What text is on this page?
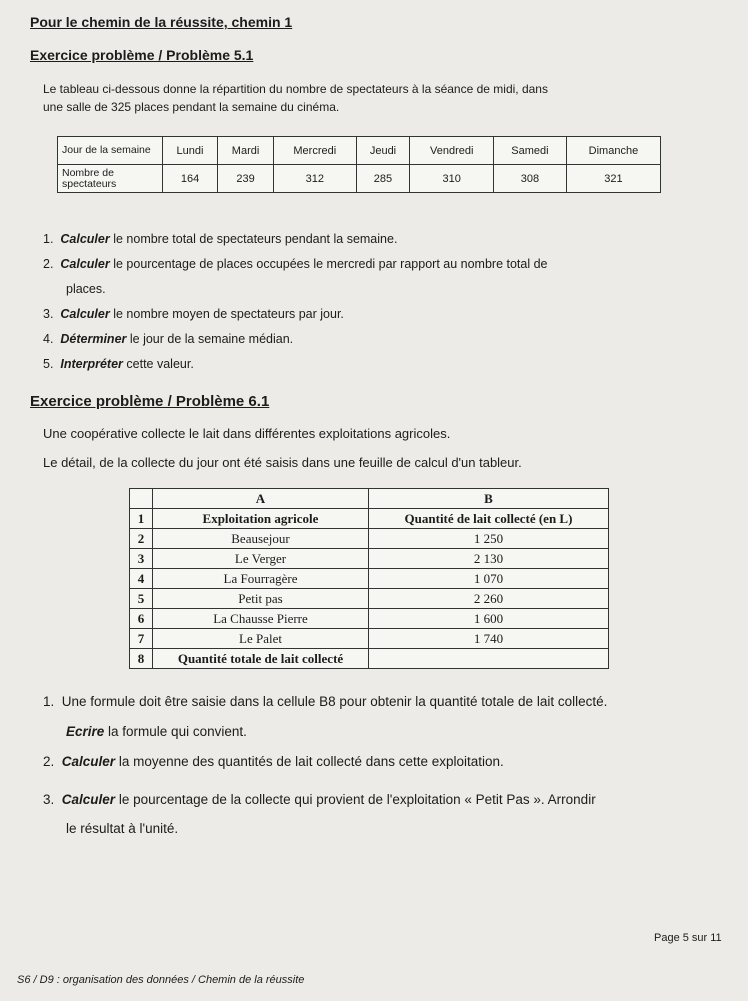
Pour le chemin de la réussite, chemin 1
Exercice problème / Problème 5.1
Le tableau ci-dessous donne la répartition du nombre de spectateurs à la séance de midi, dans
une salle de 325 places pendant la semaine du cinéma.
Jour de la semaine	Lundi	Mardi	Mercredi	Jeudi	Vendredi	Samedi	Dimanche
Nombre de spectateurs	164	239	312	285	310	308	321
1. Calculer le nombre total de spectateurs pendant la semaine.
2. Calculer le pourcentage de places occupées le mercredi par rapport au nombre total de
places.
3. Calculer le nombre moyen de spectateurs par jour.
4. Déterminer le jour de la semaine médian.
5. Interpréter cette valeur.
Exercice problème / Problème 6.1
Une coopérative collecte le lait dans différentes exploitations agricoles.
Le détail, de la collecte du jour ont été saisis dans une feuille de calcul d'un tableur.
	A	B
1	Exploitation agricole	Quantité de lait collecté (en L)
2	Beausejour	1 250
3	Le Verger	2 130
4	La Fourragère	1 070
5	Petit pas	2 260
6	La Chausse Pierre	1 600
7	Le Palet	1 740
8	Quantité totale de lait collecté	
1. Une formule doit être saisie dans la cellule B8 pour obtenir la quantité totale de lait collecté.
Ecrire la formule qui convient.
2. Calculer la moyenne des quantités de lait collecté dans cette exploitation.
3. Calculer le pourcentage de la collecte qui provient de l'exploitation « Petit Pas ». Arrondir
le résultat à l'unité.
Page 5 sur 11
S6 / D9 : organisation des données / Chemin de la réussite
